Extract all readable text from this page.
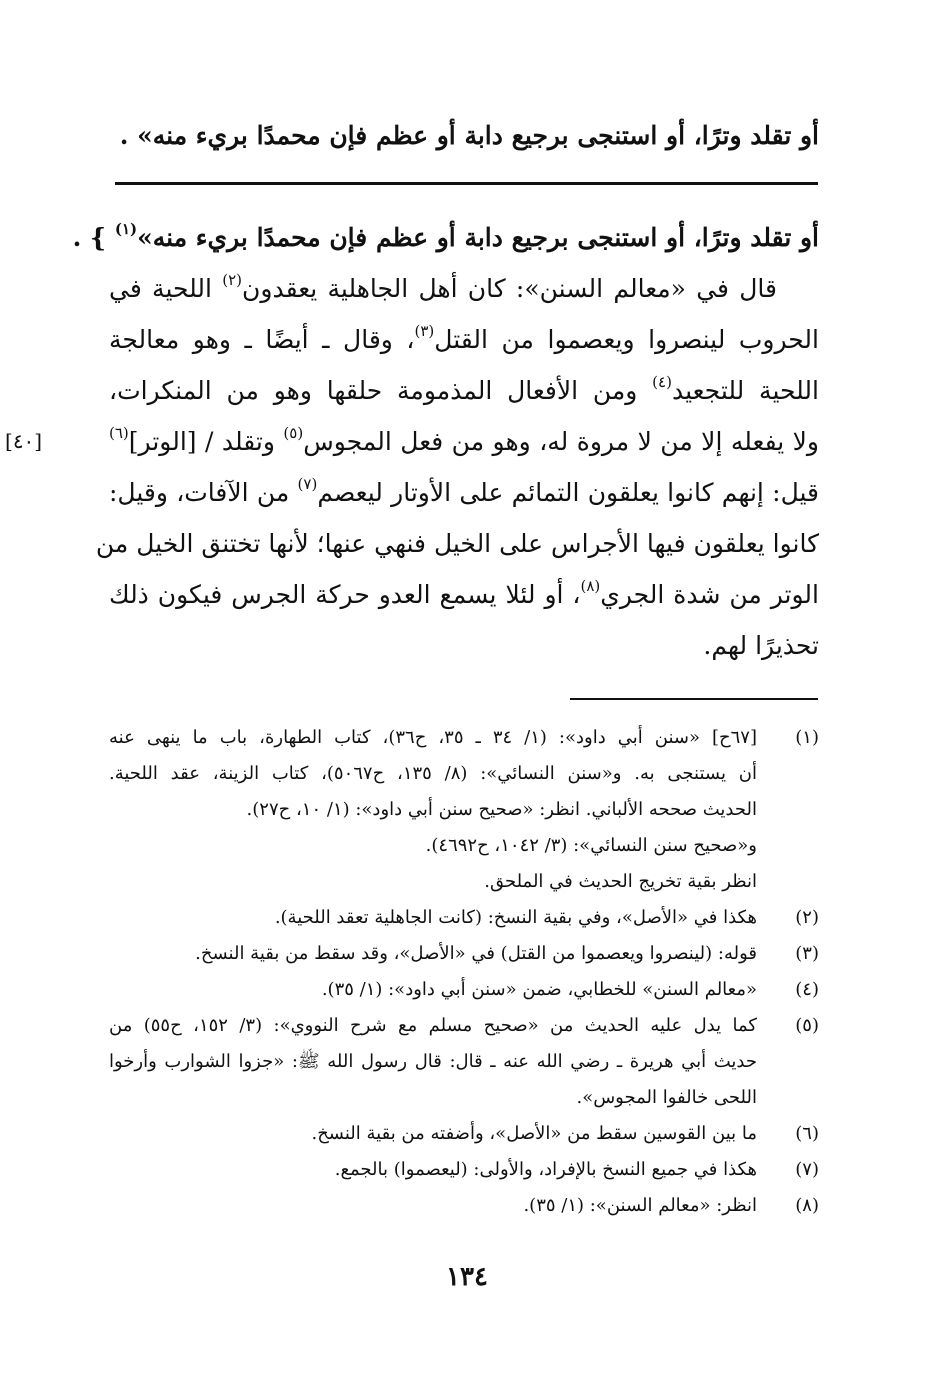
أو تقلد وترًا، أو استنجى برجيع دابة أو عظم فإن محمدًا بريء منه» .

أو تقلد وترًا، أو استنجى برجيع دابة أو عظم فإن محمدًا بريء منه»$^{(١)}$ } .

قال في «معالم السنن»: كان أهل الجاهلية يعقدون$^{(٢)}$ اللحية في

الحروب لينصروا ويعصموا من القتل$^{(٣)}$، وقال ـ أيضًا ـ وهو معالجة

اللحية للتجعيد$^{(٤)}$ ومن الأفعال المذمومة حلقها وهو من المنكرات،

ولا يفعله إلا من لا مروة له، وهو من فعل المجوس$^{(٥)}$ وتقلد / [الوتر]$^{(٦)}$
[٤٠]

قيل: إنهم كانوا يعلقون التمائم على الأوتار ليعصم$^{(٧)}$ من الآفات، وقيل:

كانوا يعلقون فيها الأجراس على الخيل فنهي عنها؛ لأنها تختنق الخيل من

الوتر من شدة الجري$^{(٨)}$، أو لئلا يسمع العدو حركة الجرس فيكون ذلك

تحذيرًا لهم.

(١)
[٦٧ح] «سنن أبي داود»: (١/ ٣٤ ـ ٣٥، ح٣٦)، كتاب الطهارة، باب ما ينهى عنه
أن يستنجى به. و«سنن النسائي»: (٨/ ١٣٥، ح٥٠٦٧)، كتاب الزينة، عقد اللحية.
الحديث صححه الألباني. انظر: «صحيح سنن أبي داود»: (١/ ١٠، ح٢٧).
و«صحيح سنن النسائي»: (٣/ ١٠٤٢، ح٤٦٩٢).
انظر بقية تخريج الحديث في الملحق.
(٢)
هكذا في «الأصل»، وفي بقية النسخ: (كانت الجاهلية تعقد اللحية).
(٣)
قوله: (لينصروا ويعصموا من القتل) في «الأصل»، وقد سقط من بقية النسخ.
(٤)
«معالم السنن» للخطابي، ضمن «سنن أبي داود»: (١/ ٣٥).
(٥)
كما يدل عليه الحديث من «صحيح مسلم مع شرح النووي»: (٣/ ١٥٢، ح٥٥) من
حديث أبي هريرة ـ رضي الله عنه ـ قال: قال رسول الله ﷺ: «جزوا الشوارب وأرخوا
اللحى خالفوا المجوس».
(٦)
ما بين القوسين سقط من «الأصل»، وأضفته من بقية النسخ.
(٧)
هكذا في جميع النسخ بالإفراد، والأولى: (ليعصموا) بالجمع.
(٨)
انظر: «معالم السنن»: (١/ ٣٥).
١٣٤
